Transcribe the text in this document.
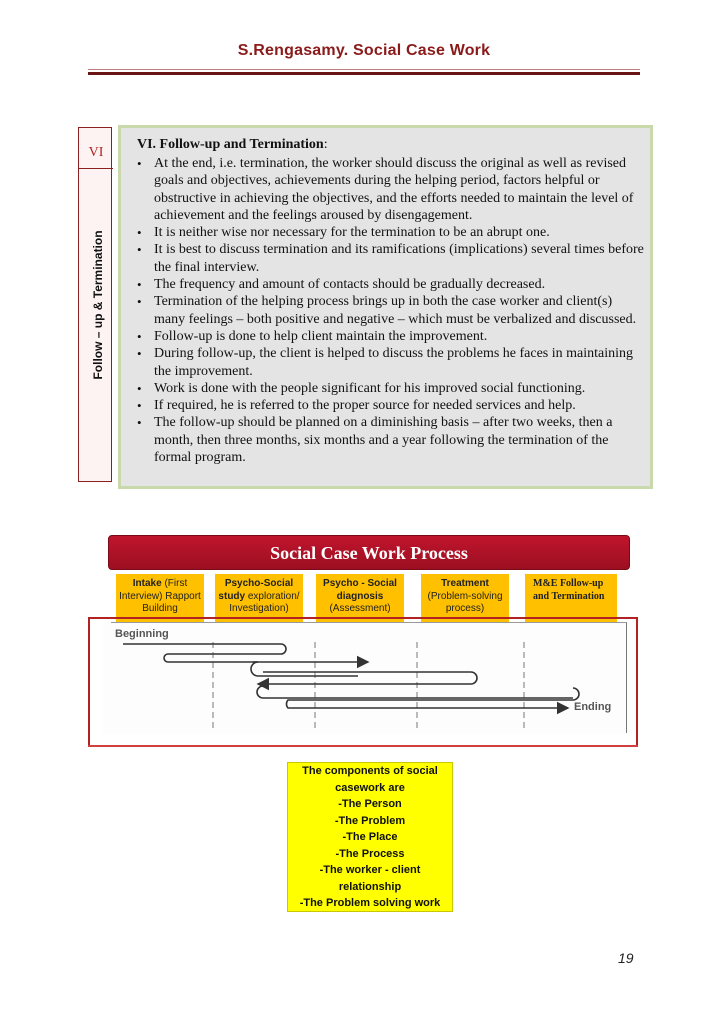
S.Rengasamy. Social Case Work
VI
Follow – up & Termination
VI. Follow-up and Termination:
• At the end, i.e. termination, the worker should discuss the original as well as revised goals and objectives, achievements during the helping period, factors helpful or obstructive in achieving the objectives, and the efforts needed to maintain the level of achievement and the feelings aroused by disengagement.
• It is neither wise nor necessary for the termination to be an abrupt one.
• It is best to discuss termination and its ramifications (implications) several times before the final interview.
• The frequency and amount of contacts should be gradually decreased.
• Termination of the helping process brings up in both the case worker and client(s) many feelings – both positive and negative – which must be verbalized and discussed.
• Follow-up is done to help client maintain the improvement.
• During follow-up, the client is helped to discuss the problems he faces in maintaining the improvement.
• Work is done with the people significant for his improved social functioning.
• If required, he is referred to the proper source for needed services and help.
• The follow-up should be planned on a diminishing basis – after two weeks, then a month, then three months, six months and a year following the termination of the formal program.
Social Case Work Process
Intake (First Interview) Rapport Building
Psycho-Social study exploration/ Investigation)
Psycho - Social diagnosis (Assessment)
Treatment (Problem-solving process)
M&E Follow-up and Termination
Beginning
Ending
The components of social
casework are
-The Person
-The Problem
-The Place
-The Process
-The worker - client
relationship
-The Problem solving work
19
